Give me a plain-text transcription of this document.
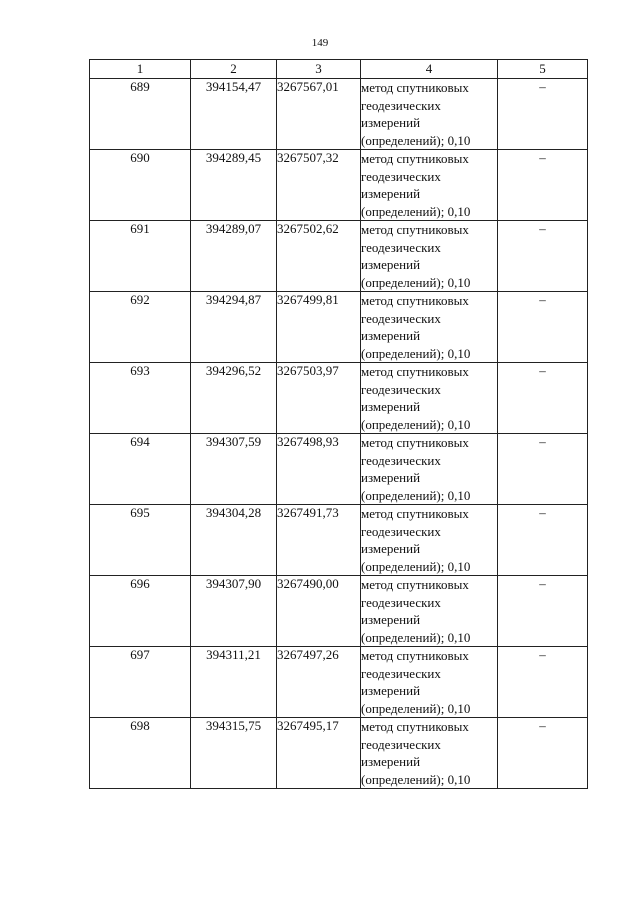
149
1	2	3	4	5
689	394154,47	3267567,01	метод спутниковых геодезических измерений (определений); 0,10	–
690	394289,45	3267507,32	метод спутниковых геодезических измерений (определений); 0,10	–
691	394289,07	3267502,62	метод спутниковых геодезических измерений (определений); 0,10	–
692	394294,87	3267499,81	метод спутниковых геодезических измерений (определений); 0,10	–
693	394296,52	3267503,97	метод спутниковых геодезических измерений (определений); 0,10	–
694	394307,59	3267498,93	метод спутниковых геодезических измерений (определений); 0,10	–
695	394304,28	3267491,73	метод спутниковых геодезических измерений (определений); 0,10	–
696	394307,90	3267490,00	метод спутниковых геодезических измерений (определений); 0,10	–
697	394311,21	3267497,26	метод спутниковых геодезических измерений (определений); 0,10	–
698	394315,75	3267495,17	метод спутниковых геодезических измерений (определений); 0,10	–
